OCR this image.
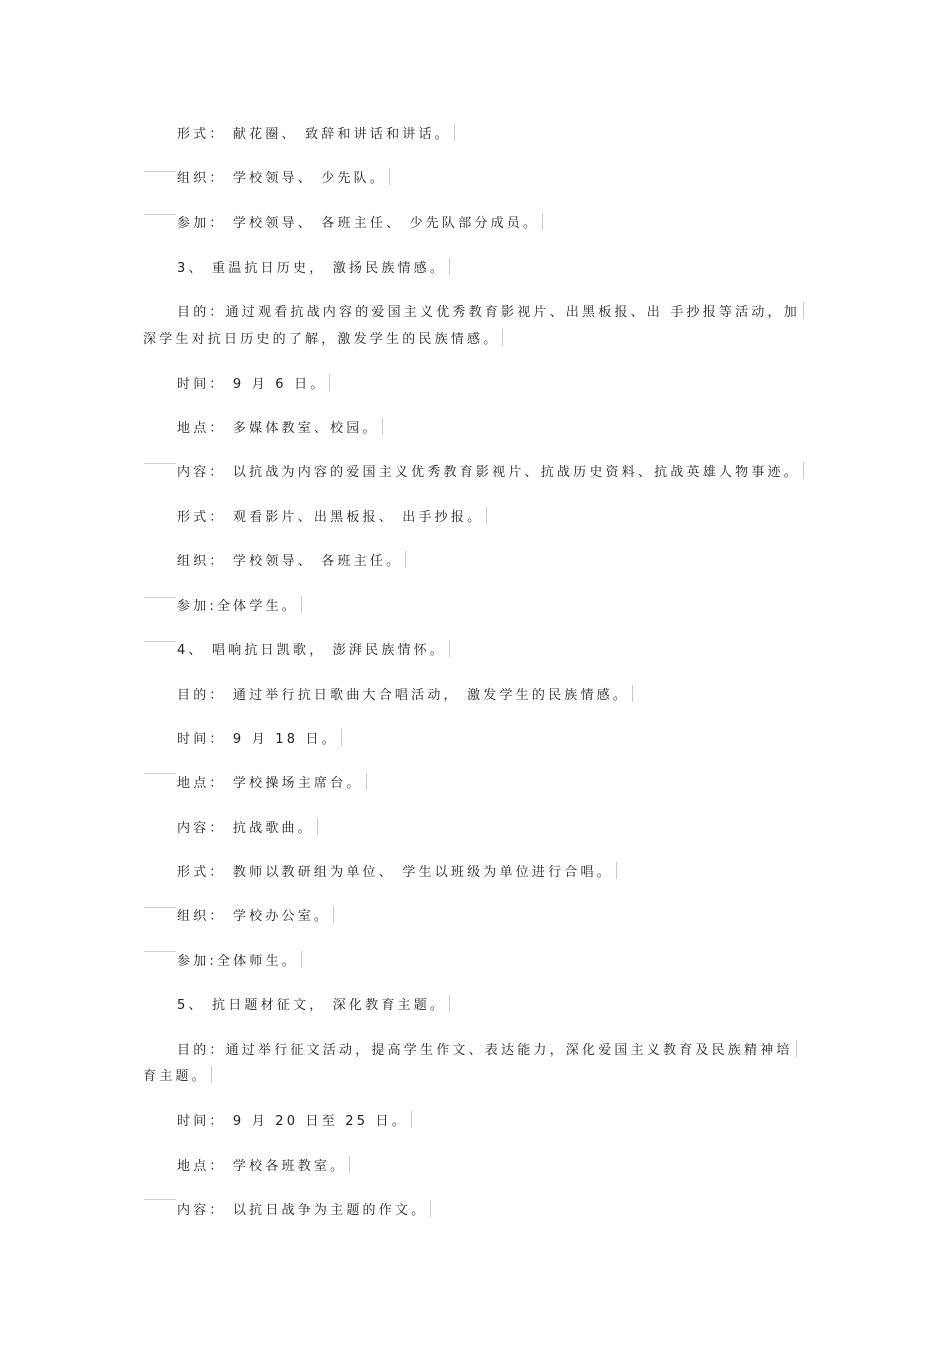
形式： 献花圈、 致辞和讲话和讲话。
组织： 学校领导、 少先队。
参加： 学校领导、 各班主任、 少先队部分成员。
3、 重温抗日历史， 激扬民族情感。
目的：通过观看抗战内容的爱国主义优秀教育影视片、出黑板报、出 手抄报等活动，加
深学生对抗日历史的了解，激发学生的民族情感。
时间： 9 月 6 日。
地点： 多媒体教室、校园。
内容： 以抗战为内容的爱国主义优秀教育影视片、抗战历史资料、抗战英雄人物事迹。
形式： 观看影片、出黑板报、 出手抄报。
组织： 学校领导、 各班主任。
参加:全体学生。
4、 唱响抗日凯歌， 澎湃民族情怀。
目的： 通过举行抗日歌曲大合唱活动， 激发学生的民族情感。
时间： 9 月 18 日。
地点： 学校操场主席台。
内容： 抗战歌曲。
形式： 教师以教研组为单位、 学生以班级为单位进行合唱。
组织： 学校办公室。
参加:全体师生。
5、 抗日题材征文， 深化教育主题。
目的：通过举行征文活动，提高学生作文、表达能力，深化爱国主义教育及民族精神培
育主题。
时间： 9 月 20 日至 25 日。
地点： 学校各班教室。
内容： 以抗日战争为主题的作文。
